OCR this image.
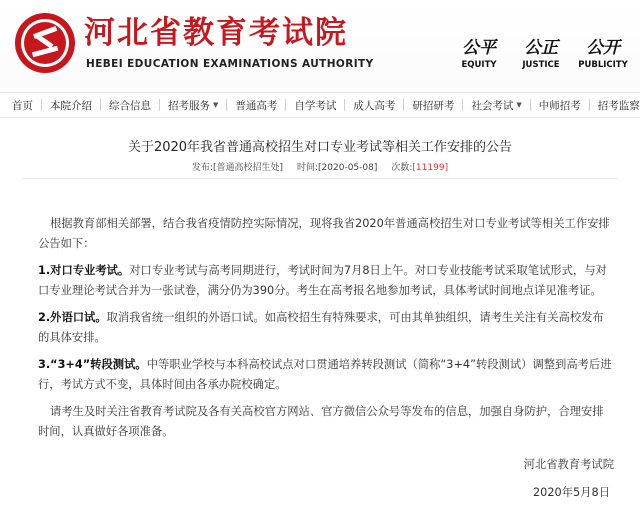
河北省教育考试院
HEBEI EDUCATION EXAMINATIONS AUTHORITY
公平
EQUITY
公正
JUSTICE
公开
PUBLICITY
首页 本院介绍 综合信息 招考服务 ▼ 普通高考 自学考试 成人高考 研招研考 社会考试 ▼ 中师招考 招考监察
关于2020年我省普通高校招生对口专业考试等相关工作安排的公告
发布:[普通高校招生处] 时间:[2020-05-08] 次数:[11199]

根据教育部相关部署，结合我省疫情防控实际情况，现将我省2020年普通高校招生对口专业考试等相关工作安排公告如下：

1.对口专业考试。对口专业考试与高考同期进行，考试时间为7月8日上午。对口专业技能考试采取笔试形式，与对口专业理论考试合并为一张试卷，满分仍为390分。考生在高考报名地参加考试，具体考试时间地点详见准考证。

2.外语口试。取消我省统一组织的外语口试。如高校招生有特殊要求，可由其单独组织，请考生关注有关高校发布的具体安排。

3.“3+4”转段测试。中等职业学校与本科高校试点对口贯通培养转段测试（简称“3+4”转段测试）调整到高考后进行，考试方式不变，具体时间由各承办院校确定。

请考生及时关注省教育考试院及各有关高校官方网站、官方微信公众号等发布的信息，加强自身防护，合理安排时间，认真做好各项准备。

河北省教育考试院
2020年5月8日
